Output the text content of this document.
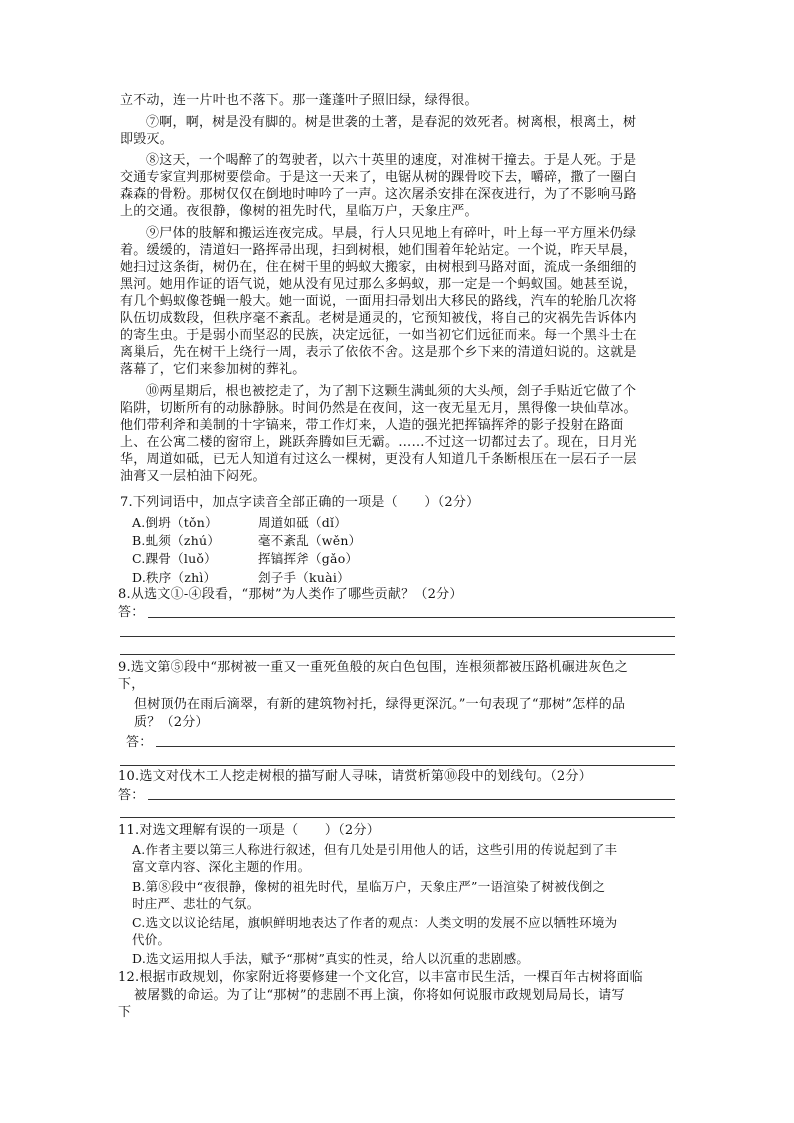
立不动，连一片叶也不落下。那一蓬蓬叶子照旧绿，绿得很。
⑦啊，啊，树是没有脚的。树是世袭的土著，是春泥的效死者。树离根，根离土，树
即毁灭。
⑧这天，一个喝醉了的驾驶者，以六十英里的速度，对准树干撞去。于是人死。于是
交通专家宣判那树要偿命。于是这一天来了，电锯从树的踝骨咬下去，嚼碎，撒了一圈白
森森的骨粉。那树仅仅在倒地时呻吟了一声。这次屠杀安排在深夜进行，为了不影响马路
上的交通。夜很静，像树的祖先时代，星临万户，天象庄严。
⑨尸体的肢解和搬运连夜完成。早晨，行人只见地上有碎叶，叶上每一平方厘米仍绿
着。缓缓的，清道妇一路挥帚出现，扫到树根，她们围着年轮站定。一个说，昨天早晨，
她扫过这条街，树仍在，住在树干里的蚂蚁大搬家，由树根到马路对面，流成一条细细的
黑河。她用作证的语气说，她从没有见过那么多蚂蚁，那一定是一个蚂蚁国。她甚至说，
有几个蚂蚁像苍蝇一般大。她一面说，一面用扫帚划出大移民的路线，汽车的轮胎几次将
队伍切成数段，但秩序毫不紊乱。老树是通灵的，它预知被伐，将自己的灾祸先告诉体内
的寄生虫。于是弱小而坚忍的民族，决定远征，一如当初它们远征而来。每一个黑斗士在
离巢后，先在树干上绕行一周，表示了依依不舍。这是那个乡下来的清道妇说的。这就是
落幕了，它们来参加树的葬礼。
⑩两星期后，根也被挖走了，为了割下这颗生满虬须的大头颅，刽子手贴近它做了个
陷阱，切断所有的动脉静脉。时间仍然是在夜间，这一夜无星无月，黑得像一块仙草冰。
他们带利斧和美制的十字镐来，带工作灯来，人造的强光把挥镐挥斧的影子投射在路面
上、在公寓二楼的窗帘上，跳跃奔腾如巨无霸。……不过这一切都过去了。现在，日月光
华，周道如砥，已无人知道有过这么一棵树，更没有人知道几千条断根压在一层石子一层
油膏又一层柏油下闷死。
7.下列词语中，加点字读音全部正确的一项是（　　）（2分）
A.倒坍（tǒn）	周道如砥（dǐ）
B.虬须（zhú）	毫不紊乱（wěn）
C.踝骨（luǒ）	挥镐挥斧（gǎo）
D.秩序（zhì）	刽子手（kuài）
8.从选文①-④段看，“那树”为人类作了哪些贡献？（2分）
答：
9.选文第⑤段中“那树被一重又一重死鱼般的灰白色包围，连根须都被压路机碾进灰色之
下，
但树顶仍在雨后滴翠，有新的建筑物衬托，绿得更深沉。”一句表现了“那树”怎样的品
质？（2分）
答：
10.选文对伐木工人挖走树根的描写耐人寻味，请赏析第⑩段中的划线句。（2分）
答：
11.对选文理解有误的一项是（　　）（2分）
A.作者主要以第三人称进行叙述，但有几处是引用他人的话，这些引用的传说起到了丰
富文章内容、深化主题的作用。
B.第⑧段中“夜很静，像树的祖先时代，星临万户，天象庄严”一语渲染了树被伐倒之
时庄严、悲壮的气氛。
C.选文以议论结尾，旗帜鲜明地表达了作者的观点：人类文明的发展不应以牺牲环境为
代价。
D.选文运用拟人手法，赋予“那树”真实的性灵，给人以沉重的悲剧感。
12.根据市政规划，你家附近将要修建一个文化宫，以丰富市民生活，一棵百年古树将面临
被屠戮的命运。为了让“那树”的悲剧不再上演，你将如何说服市政规划局局长，请写
下
